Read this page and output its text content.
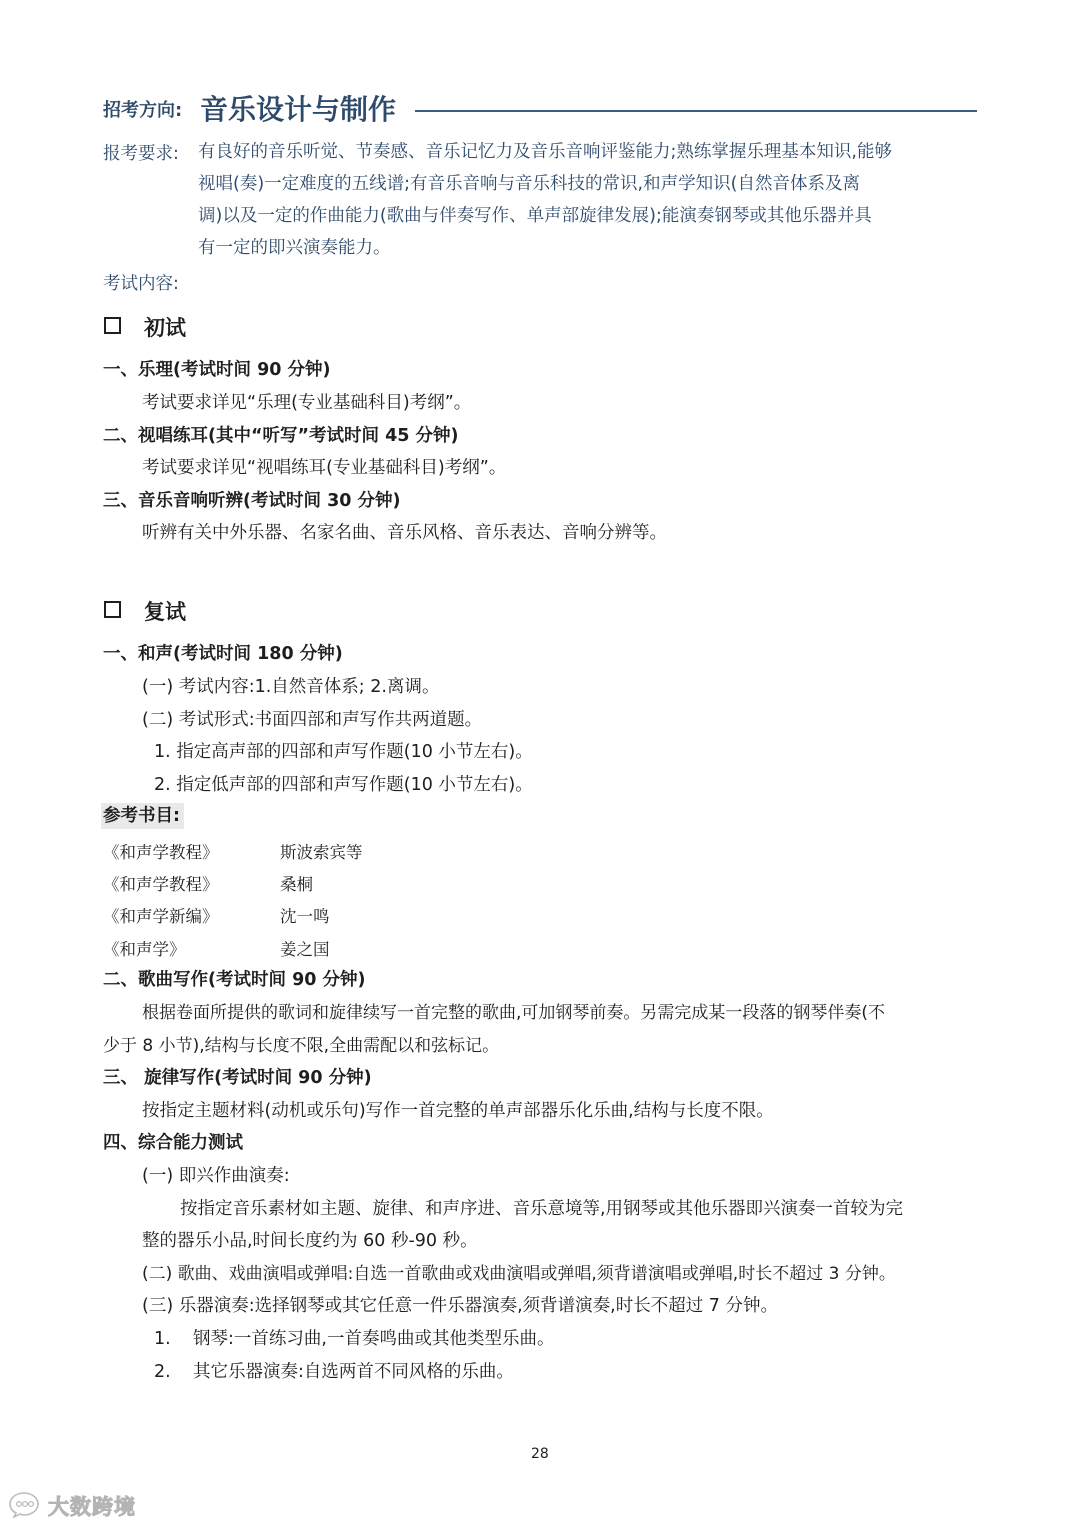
招考方向: 音乐设计与制作
报考要求: 有良好的音乐听觉、节奏感、音乐记忆力及音乐音响评鉴能力;熟练掌握乐理基本知识,能够
视唱(奏)一定难度的五线谱;有音乐音响与音乐科技的常识,和声学知识(自然音体系及离
调)以及一定的作曲能力(歌曲与伴奏写作、单声部旋律发展);能演奏钢琴或其他乐器并具
有一定的即兴演奏能力。
考试内容:
初试
一、乐理(考试时间 90 分钟)
考试要求详见“乐理(专业基础科目)考纲”。
二、视唱练耳(其中“听写”考试时间 45 分钟)
考试要求详见“视唱练耳(专业基础科目)考纲”。
三、音乐音响听辨(考试时间 30 分钟)
听辨有关中外乐器、名家名曲、音乐风格、音乐表达、音响分辨等。
复试
一、和声(考试时间 180 分钟)
(一) 考试内容:1.自然音体系; 2.离调。
(二) 考试形式:书面四部和声写作共两道题。
1. 指定高声部的四部和声写作题(10 小节左右)。
2. 指定低声部的四部和声写作题(10 小节左右)。
参考书目:
《和声学教程》	斯波索宾等
《和声学教程》	桑桐
《和声学新编》	沈一鸣
《和声学》	姜之国
二、歌曲写作(考试时间 90 分钟)
根据卷面所提供的歌词和旋律续写一首完整的歌曲,可加钢琴前奏。另需完成某一段落的钢琴伴奏(不
少于 8 小节),结构与长度不限,全曲需配以和弦标记。
三、 旋律写作(考试时间 90 分钟)
按指定主题材料(动机或乐句)写作一首完整的单声部器乐化乐曲,结构与长度不限。
四、综合能力测试
(一) 即兴作曲演奏:
按指定音乐素材如主题、旋律、和声序进、音乐意境等,用钢琴或其他乐器即兴演奏一首较为完
整的器乐小品,时间长度约为 60 秒-90 秒。
(二) 歌曲、戏曲演唱或弹唱:自选一首歌曲或戏曲演唱或弹唱,须背谱演唱或弹唱,时长不超过 3 分钟。
(三) 乐器演奏:选择钢琴或其它任意一件乐器演奏,须背谱演奏,时长不超过 7 分钟。
1. 钢琴:一首练习曲,一首奏鸣曲或其他类型乐曲。
2. 其它乐器演奏:自选两首不同风格的乐曲。
28
大数跨境
